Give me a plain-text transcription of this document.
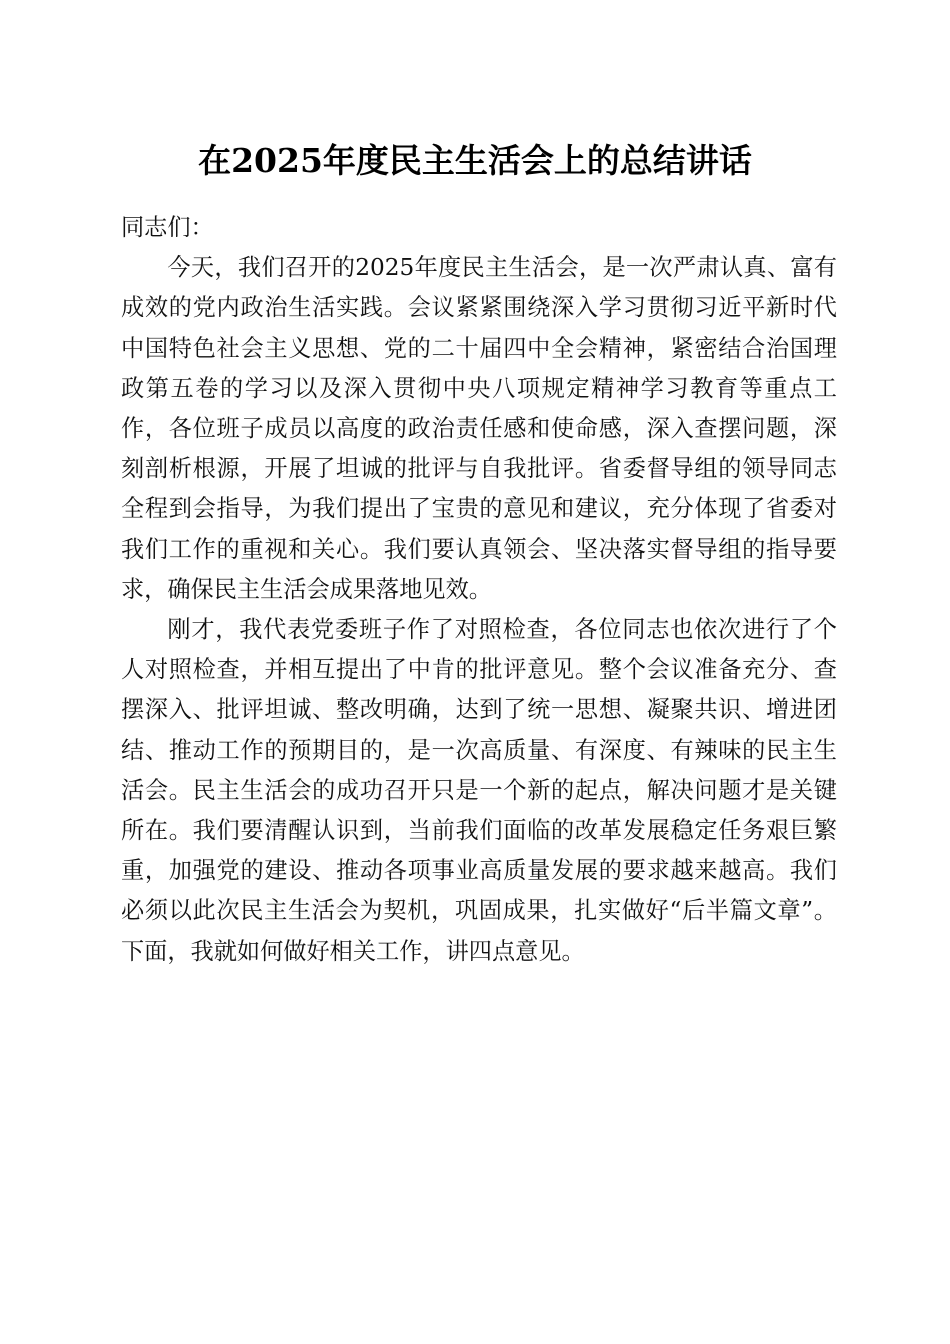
在2025年度民主生活会上的总结讲话

同志们：

今天，我们召开的2025年度民主生活会，是一次严肃认真、富有成效的党内政治生活实践。会议紧紧围绕深入学习贯彻习近平新时代中国特色社会主义思想、党的二十届四中全会精神，紧密结合治国理政第五卷的学习以及深入贯彻中央八项规定精神学习教育等重点工作，各位班子成员以高度的政治责任感和使命感，深入查摆问题，深刻剖析根源，开展了坦诚的批评与自我批评。省委督导组的领导同志全程到会指导，为我们提出了宝贵的意见和建议，充分体现了省委对我们工作的重视和关心。我们要认真领会、坚决落实督导组的指导要求，确保民主生活会成果落地见效。

刚才，我代表党委班子作了对照检查，各位同志也依次进行了个人对照检查，并相互提出了中肯的批评意见。整个会议准备充分、查摆深入、批评坦诚、整改明确，达到了统一思想、凝聚共识、增进团结、推动工作的预期目的，是一次高质量、有深度、有辣味的民主生活会。民主生活会的成功召开只是一个新的起点，解决问题才是关键所在。我们要清醒认识到，当前我们面临的改革发展稳定任务艰巨繁重，加强党的建设、推动各项事业高质量发展的要求越来越高。我们必须以此次民主生活会为契机，巩固成果，扎实做好“后半篇文章”。下面，我就如何做好相关工作，讲四点意见。
